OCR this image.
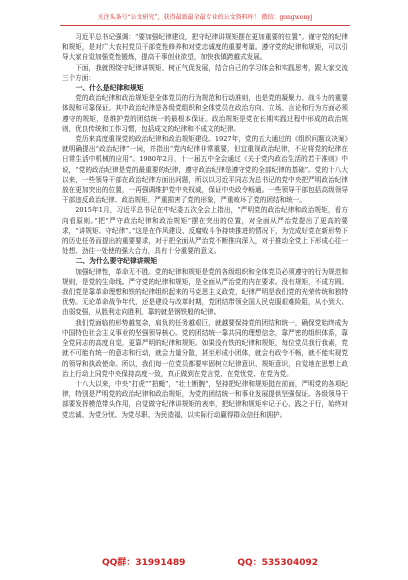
关注头条号“公文研究”，获得最新最全最专业的公文资料库！ 微信：gongwenyj

习近平总书记强调：“要加强纪律建设，把守纪律讲规矩摆在更加重要的位置”。谨守党的纪律和规矩，是对广大农村党员干部党性修养和对党忠诚度的重要考量。遵守党的纪律和规矩，可以引导大家自觉加强党性锻炼，提高干事创业欲望，加快我镇跨越式发展。

下面，我就围绕守纪律讲规矩、树正气促发展，结合自己的学习体会和实践思考，跟大家交流三个方面：

一、什么是纪律和规矩

党的政治纪律和政治规矩是全体党员的行为规范和行动准则，也是党的凝聚力、战斗力的重要体现和可靠保证。其中政治纪律是各级党组织和全体党员在政治方向、立场、言论和行为方面必须遵守的规矩，是维护党的团结统一的最根本保证。政治规矩是党在长期实践过程中形成的政治规则，优良传统和工作习惯，包括成文的纪律和不成文的纪律。

党历来高度重视党的政治纪律和政治规矩建设。1927年，党的五大通过的《组织问题议决案》就明确提出“政治纪律”一词，并指出“党内纪律非常重要，但宜重视政治纪律，不应将党的纪律在日常生活中机械的应用”。1980年2月，十一届五中全会通过《关于党内政治生活的若干准则》中说，“党的政治纪律是党的最重要的纪律，遵守政治纪律是遵守党的全部纪律的基础”。党的十八大以来，一些领导干部在政治纪律方面出问题，所以以习近平同志为总书记的党中央把严明政治纪律放在更加突出的位置，一再强调维护党中央权威，保证中央政令畅通。一些领导干部包括高级领导干部违反政治纪律、政治规矩，严重损害了党的形象，严重败坏了党的团结和统一。

2015年1月，习近平总书记在中纪委五次全会上指出，“严明党的政治纪律和政治规矩，看方向看原则。”把“严守政治纪律和政治规矩”摆在突出的位置，对全面从严治党提出了更高的要求，“讲规矩、守纪律”。”这是在作风建设、反腐败斗争持续推进的情况下，为完成好党在新形势下的历史任务而提出的重要要求，对于把全面从严治党不断推向深入，对于推动全党上下形成心往一处想、劲往一处使的强大合力，具有十分重要的意义。

二、为什么要守纪律讲规矩

加强纪律性，革命无不胜。党的纪律和规矩是党的各级组织和全体党员必须遵守的行为规范和规则，是党的生命线。严守党的纪律和规矩，是全面从严治党的内在要求。没有规矩，不成方圆。我们党是靠革命理想和铁的纪律组织起来的马克思主义政党，纪律严明是我们党的光荣传统和独特优势。无论革命战争年代，还是建设与改革时期，党团结带领全国人民克服艰难险阻，从小到大、由弱变强，从胜利走向胜利，靠的就是钢铁般的纪律。

我们党面临的形势越复杂，肩负的任务越艰巨，就越要保持党的团结和统一，确保党始终成为中国特色社会主义事业的坚强领导核心。党的团结统一靠共同的理想信念，靠严密的组织体系，靠全党同志的高度自觉，更靠严明的纪律和规矩。如果没有铁的纪律和规矩，每位党员我行我素，党就不可能有统一的意志和行动，就会力量分散，甚至形成小团体，就会有政令不畅，就不能实现党的领导和执政使命。所以，我们每一位党员都要牢固树立纪律意识、规矩意识，自觉地在思想上政治上行动上同党中央保持高度一致，真正做到在党言党、在党忧党、在党为党。

十八大以来，中央“打虎”“拍蝇”，“壮士断腕”，坚持把纪律和规矩挺在前面，严明党的各项纪律，特别是严明党的政治纪律和政治规矩，为党的团结统一和事业发展提供坚强保证。各级领导干部要发挥模范带头作用，自觉做守纪律讲规矩的表率，把纪律和规矩牢记于心、践之于行，始终对党忠诚、为党分忧、为党尽职、为民造福，以实际行动赢得群众信任和拥护。

QQ群：31991489	QQ：535304092
